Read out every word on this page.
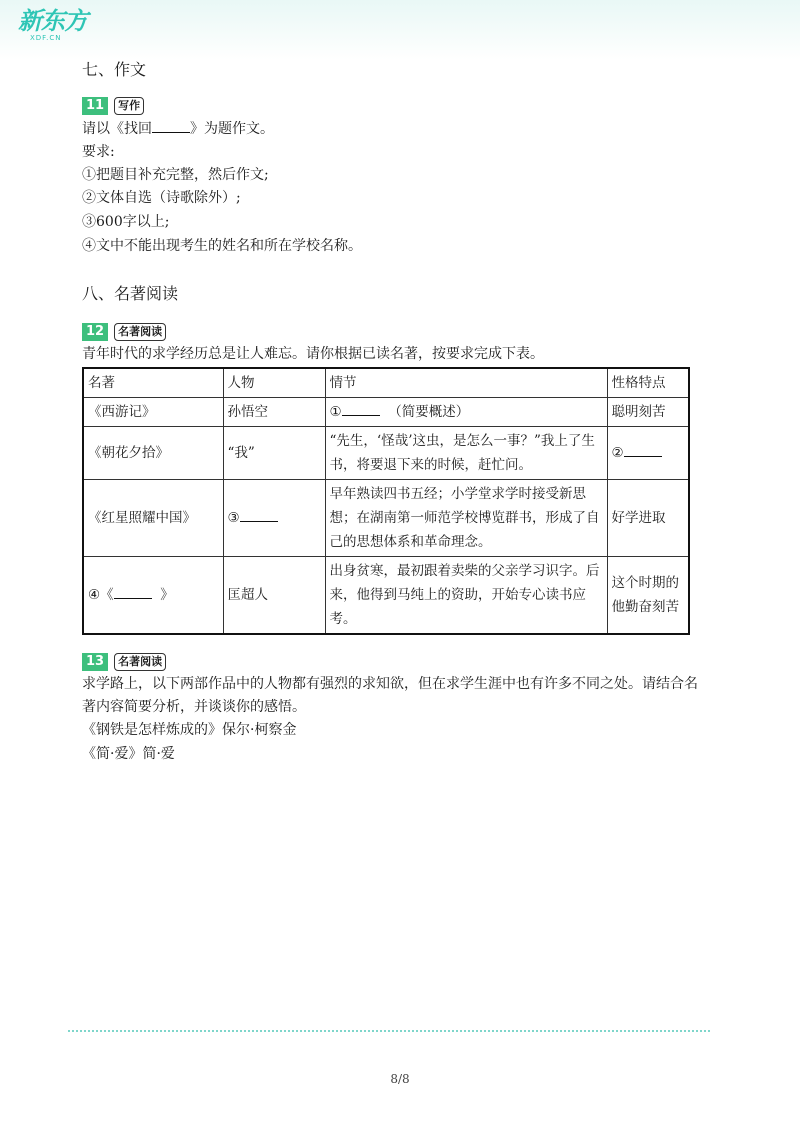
新东方
XDF.CN
七、作文
11	写作
请以《找回	》为题作文。
要求:
①把题目补充完整，然后作文;
②文体自选（诗歌除外）;
③600字以上;
④文中不能出现考生的姓名和所在学校名称。
八、名著阅读
12	名著阅读
青年时代的求学经历总是让人难忘。请你根据已读名著，按要求完成下表。
名著	人物	情节	性格特点
《西游记》	孙悟空	① （简要概述）	聪明刻苦
《朝花夕拾》	“我”	“先生，‘怪哉’这虫，是怎么一事？”我上了生书，将要退下来的时候，赶忙问。	②
《红星照耀中国》	③	早年熟读四书五经；小学堂求学时接受新思想；在湖南第一师范学校博览群书，形成了自己的思想体系和革命理念。	好学进取
④《 》	匡超人	出身贫寒，最初跟着卖柴的父亲学习识字。后来，他得到马纯上的资助，开始专心读书应考。	这个时期的他勤奋刻苦
13	名著阅读
求学路上，以下两部作品中的人物都有强烈的求知欲，但在求学生涯中也有许多不同之处。请结合名
著内容简要分析，并谈谈你的感悟。
《钢铁是怎样炼成的》保尔·柯察金
《简·爱》简·爱
8/8
